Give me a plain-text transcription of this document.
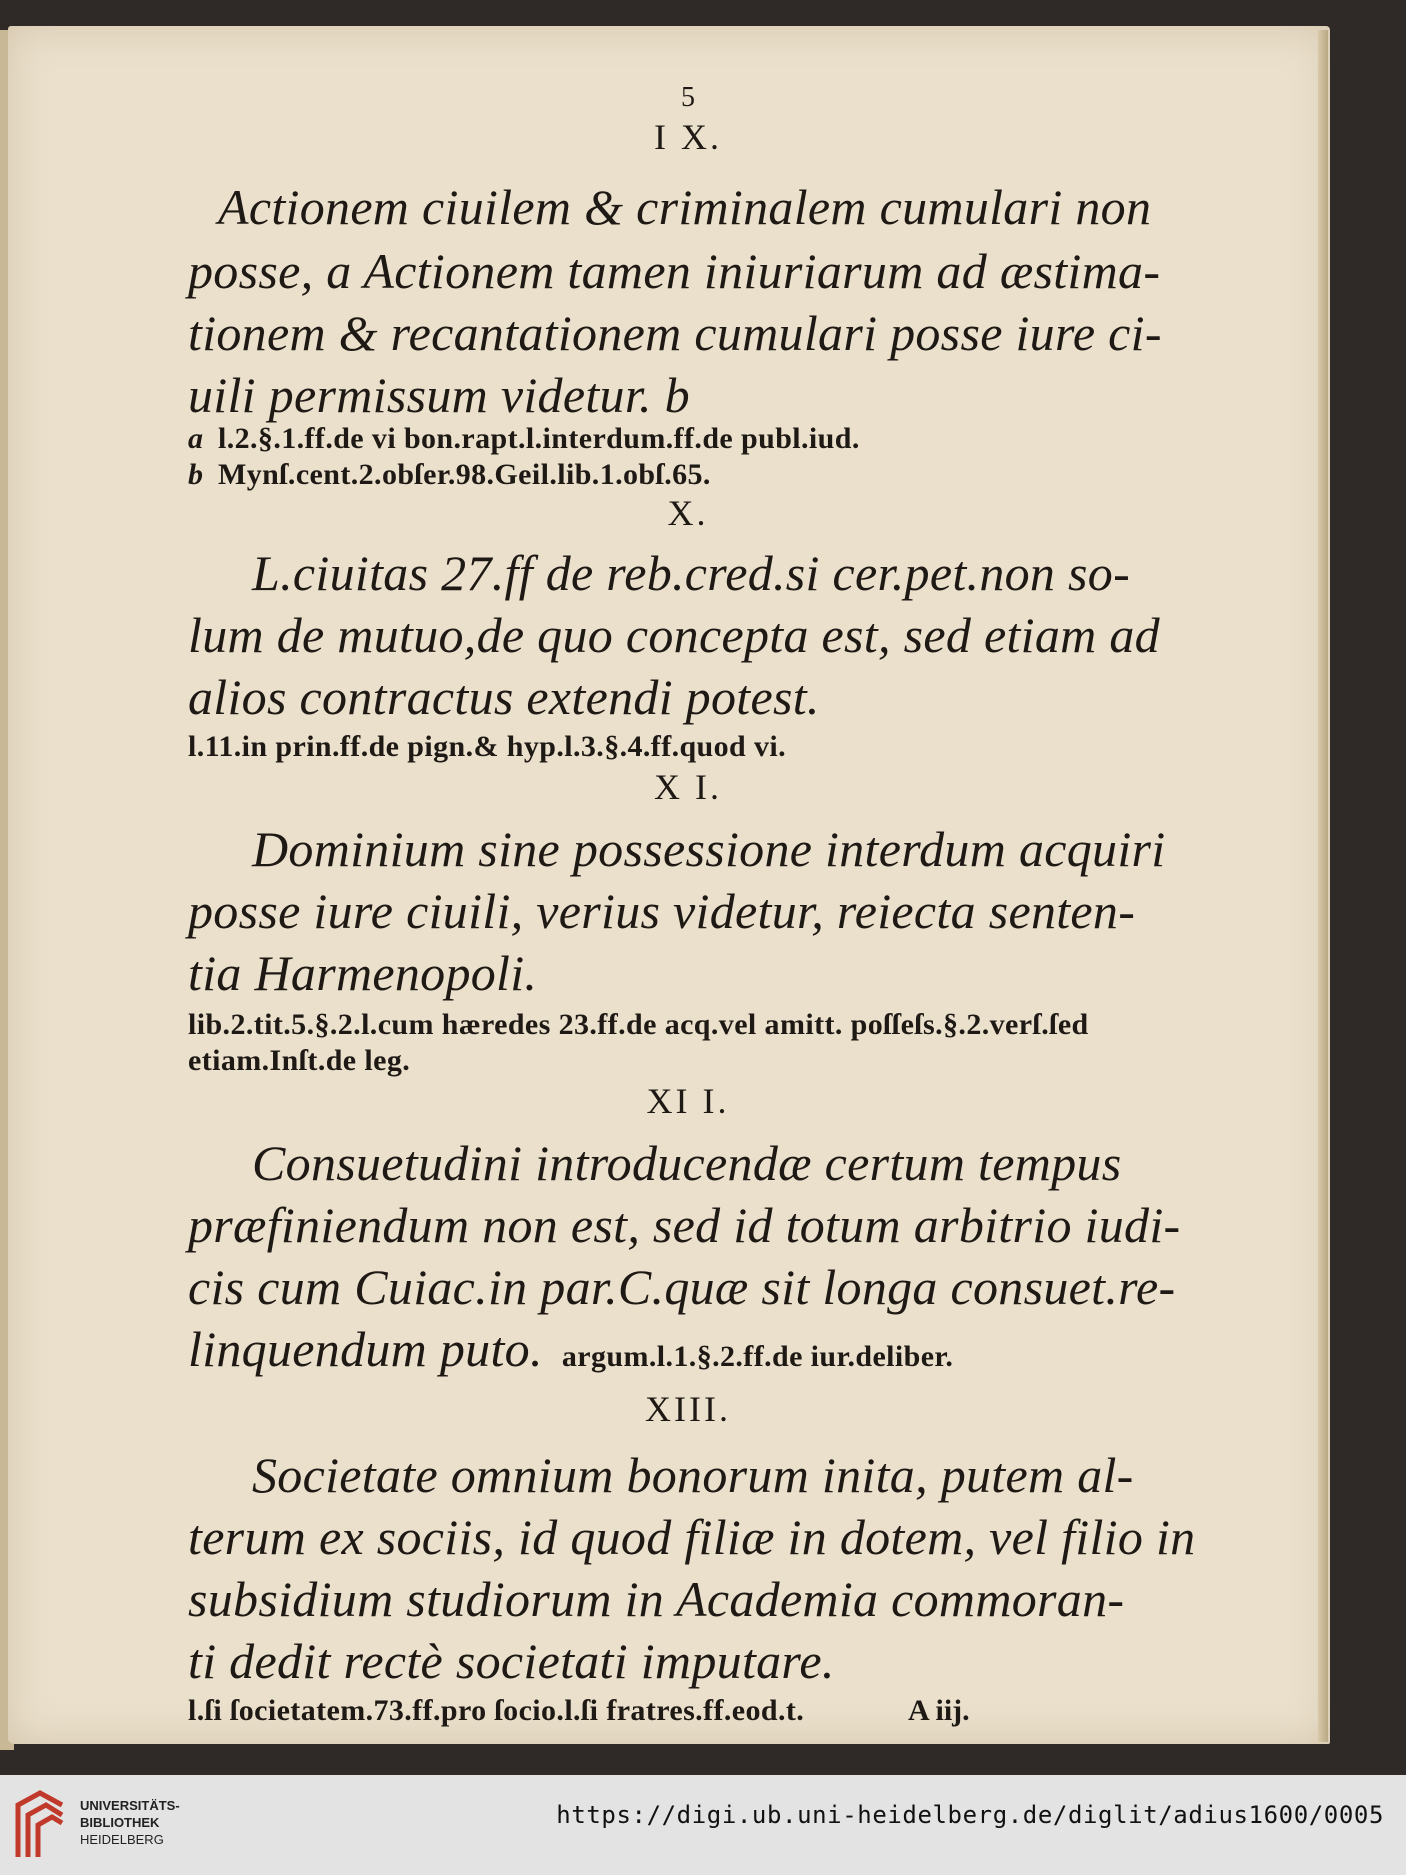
5
I X.
Actionem ciuilem & criminalem cumulari non
posse, a Actionem tamen iniuriarum ad æstima-
tionem & recantationem cumulari posse iure ci-
uili permissum videtur. b
a l.2.§.1.ff.de vi bon.rapt.l.interdum.ff.de publ.iud.
b Mynſ.cent.2.obſer.98.Geil.lib.1.obſ.65.
X.
L.ciuitas 27.ff de reb.cred.si cer.pet.non so-
lum de mutuo,de quo concepta est, sed etiam ad
alios contractus extendi potest.
l.11.in prin.ff.de pign.& hyp.l.3.§.4.ff.quod vi.
X I.
Dominium sine possessione interdum acquiri
posse iure ciuili, verius videtur, reiecta senten-
tia Harmenopoli.
lib.2.tit.5.§.2.l.cum hæredes 23.ff.de acq.vel amitt. poſſeſs.§.2.verſ.ſed
etiam.Inſt.de leg.
XI I.
Consuetudini introducendæ certum tempus
præfiniendum non est, sed id totum arbitrio iudi-
cis cum Cuiac.in par.C.quæ sit longa consuet.re-
linquendum puto. argum.l.1.§.2.ff.de iur.deliber.
XIII.
Societate omnium bonorum inita, putem al-
terum ex sociis, id quod filiæ in dotem, vel filio in
subsidium studiorum in Academia commoran-
ti dedit rectè societati imputare.
l.ſi ſocietatem.73.ff.pro ſocio.l.ſi fratres.ff.eod.t.	A iij.
UNIVERSITÄTS-
BIBLIOTHEK
HEIDELBERG
https://digi.ub.uni-heidelberg.de/diglit/adius1600/0005
